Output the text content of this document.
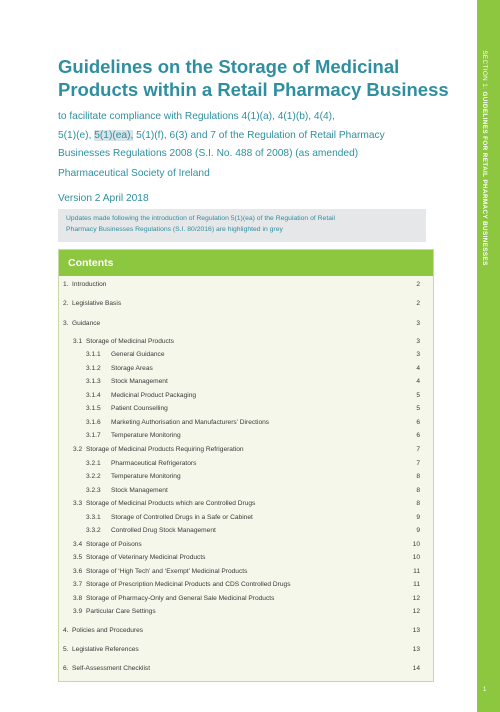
SECTION 1: GUIDELINES FOR RETAIL PHARMACY BUSINESSES
1
Guidelines on the Storage of Medicinal
Products within a Retail Pharmacy Business
to facilitate compliance with Regulations 4(1)(a), 4(1)(b), 4(4),
5(1)(e), 5(1)(ea), 5(1)(f), 6(3) and 7 of the Regulation of Retail Pharmacy
Businesses Regulations 2008 (S.I. No. 488 of 2008) (as amended)
Pharmaceutical Society of Ireland
Version 2 April 2018
Updates made following the introduction of Regulation 5(1)(ea) of the Regulation of Retail
Pharmacy Businesses Regulations (S.I. 80/2016) are highlighted in grey
Contents
1. Introduction	2
2. Legislative Basis	2
3. Guidance	3
3.1 Storage of Medicinal Products	3
3.1.1 General Guidance	3
3.1.2 Storage Areas	4
3.1.3 Stock Management	4
3.1.4 Medicinal Product Packaging	5
3.1.5 Patient Counselling	5
3.1.6 Marketing Authorisation and Manufacturers’ Directions	6
3.1.7 Temperature Monitoring	6
3.2 Storage of Medicinal Products Requiring Refrigeration	7
3.2.1 Pharmaceutical Refrigerators	7
3.2.2 Temperature Monitoring	8
3.2.3 Stock Management	8
3.3 Storage of Medicinal Products which are Controlled Drugs	8
3.3.1 Storage of Controlled Drugs in a Safe or Cabinet	9
3.3.2 Controlled Drug Stock Management	9
3.4 Storage of Poisons	10
3.5 Storage of Veterinary Medicinal Products	10
3.6 Storage of ‘High Tech’ and ‘Exempt’ Medicinal Products	11
3.7 Storage of Prescription Medicinal Products and CDS Controlled Drugs	11
3.8 Storage of Pharmacy-Only and General Sale Medicinal Products	12
3.9 Particular Care Settings	12
4. Policies and Procedures	13
5. Legislative References	13
6. Self-Assessment Checklist	14
